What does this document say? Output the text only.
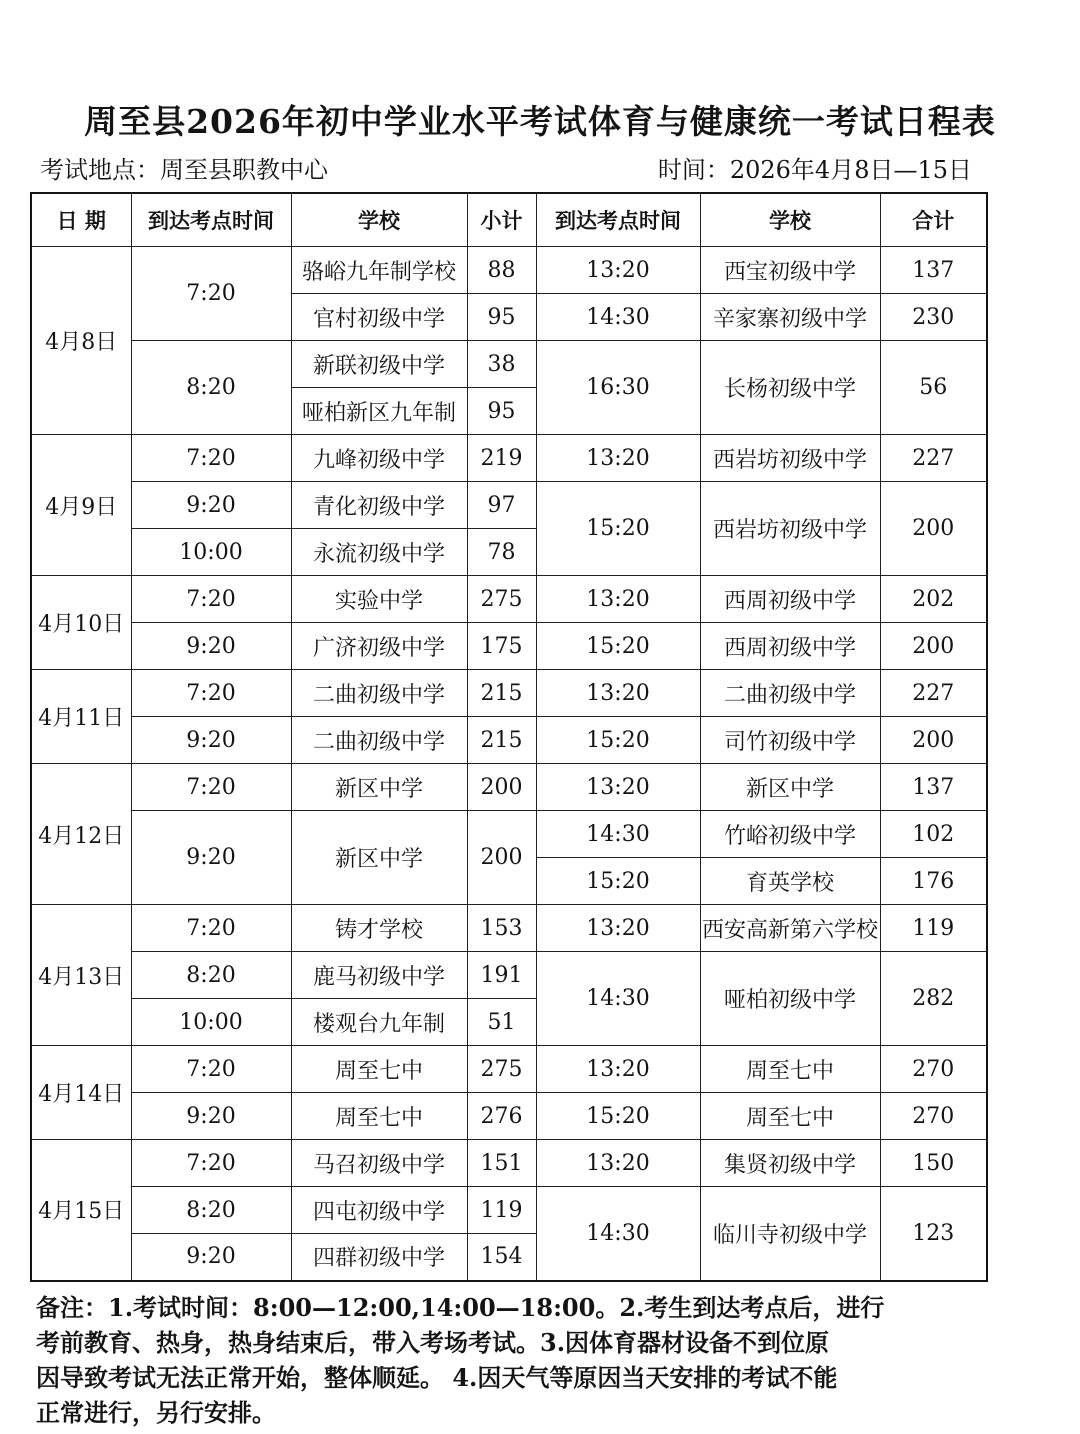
周至县2026年初中学业水平考试体育与健康统一考试日程表
考试地点：周至县职教中心	时间：2026年4月8日—15日
日 期	到达考点时间	学校	小计	到达考点时间	学校	合计
4月8日	7:20	骆峪九年制学校	88	13:20	西宝初级中学	137
		官村初级中学	95	14:30	辛家寨初级中学	230
	8:20	新联初级中学	38	16:30	长杨初级中学	56
		哑柏新区九年制	95			
4月9日	7:20	九峰初级中学	219	13:20	西岩坊初级中学	227
	9:20	青化初级中学	97	15:20	西岩坊初级中学	200
	10:00	永流初级中学	78			
4月10日	7:20	实验中学	275	13:20	西周初级中学	202
	9:20	广济初级中学	175	15:20	西周初级中学	200
4月11日	7:20	二曲初级中学	215	13:20	二曲初级中学	227
	9:20	二曲初级中学	215	15:20	司竹初级中学	200
4月12日	7:20	新区中学	200	13:20	新区中学	137
	9:20	新区中学	200	14:30	竹峪初级中学	102
				15:20	育英学校	176
4月13日	7:20	铸才学校	153	13:20	西安高新第六学校	119
	8:20	鹿马初级中学	191	14:30	哑柏初级中学	282
	10:00	楼观台九年制	51			
4月14日	7:20	周至七中	275	13:20	周至七中	270
	9:20	周至七中	276	15:20	周至七中	270
4月15日	7:20	马召初级中学	151	13:20	集贤初级中学	150
	8:20	四屯初级中学	119	14:30	临川寺初级中学	123
	9:20	四群初级中学	154			
备注：1.考试时间：8:00—12:00,14:00—18:00。2.考生到达考点后，进行
考前教育、热身，热身结束后，带入考场考试。3.因体育器材设备不到位原
因导致考试无法正常开始，整体顺延。 4.因天气等原因当天安排的考试不能
正常进行，另行安排。
